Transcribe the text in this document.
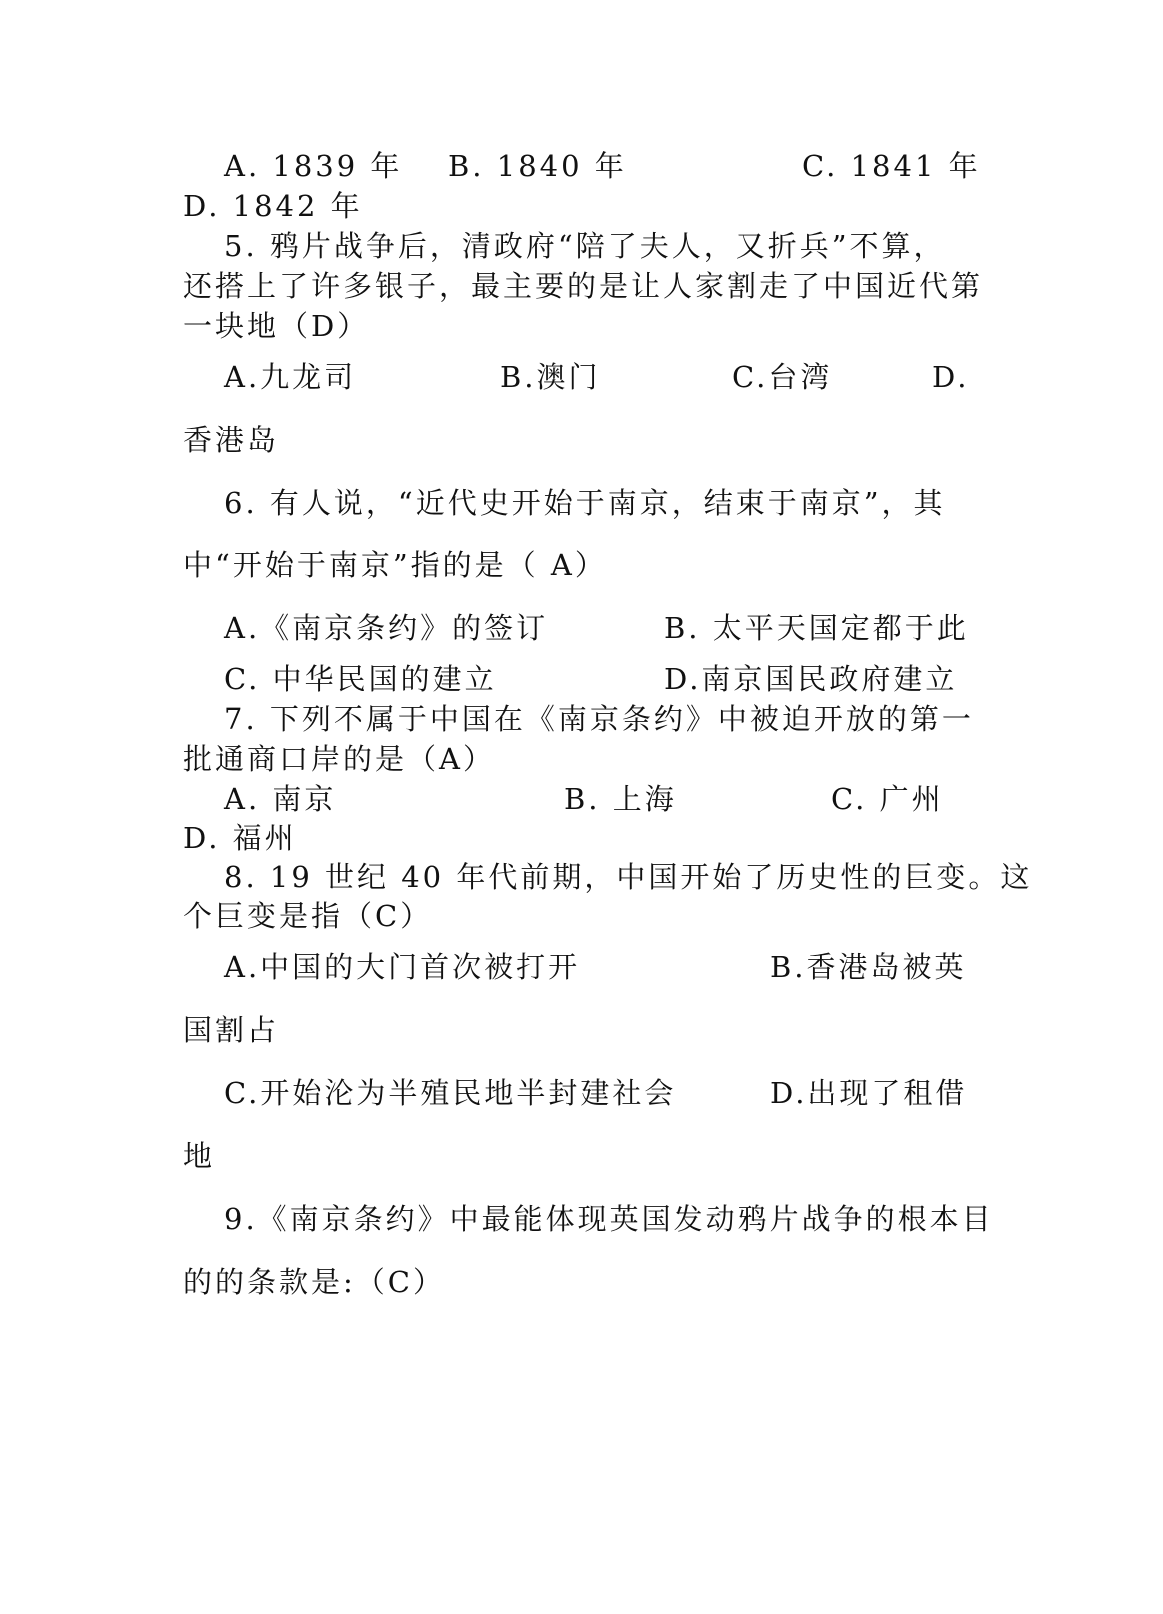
A. 1839 年 B. 1840 年	C. 1841 年
D. 1842 年
5. 鸦片战争后，清政府“陪了夫人，又折兵”不算，
还搭上了许多银子，最主要的是让人家割走了中国近代第
一块地（D）
A.九龙司	B.澳门	C.台湾	D.
香港岛
6. 有人说，“近代史开始于南京，结束于南京”，其
中“开始于南京”指的是（ A）
A.《南京条约》的签订	B. 太平天国定都于此
C. 中华民国的建立	D.南京国民政府建立
7. 下列不属于中国在《南京条约》中被迫开放的第一
批通商口岸的是（A）
A. 南京	B. 上海	C. 广州
D. 福州
8. 19 世纪 40 年代前期，中国开始了历史性的巨变。这
个巨变是指（C）
A.中国的大门首次被打开	B.香港岛被英
国割占
C.开始沦为半殖民地半封建社会	D.出现了租借
地
9.《南京条约》中最能体现英国发动鸦片战争的根本目
的的条款是:（C）
